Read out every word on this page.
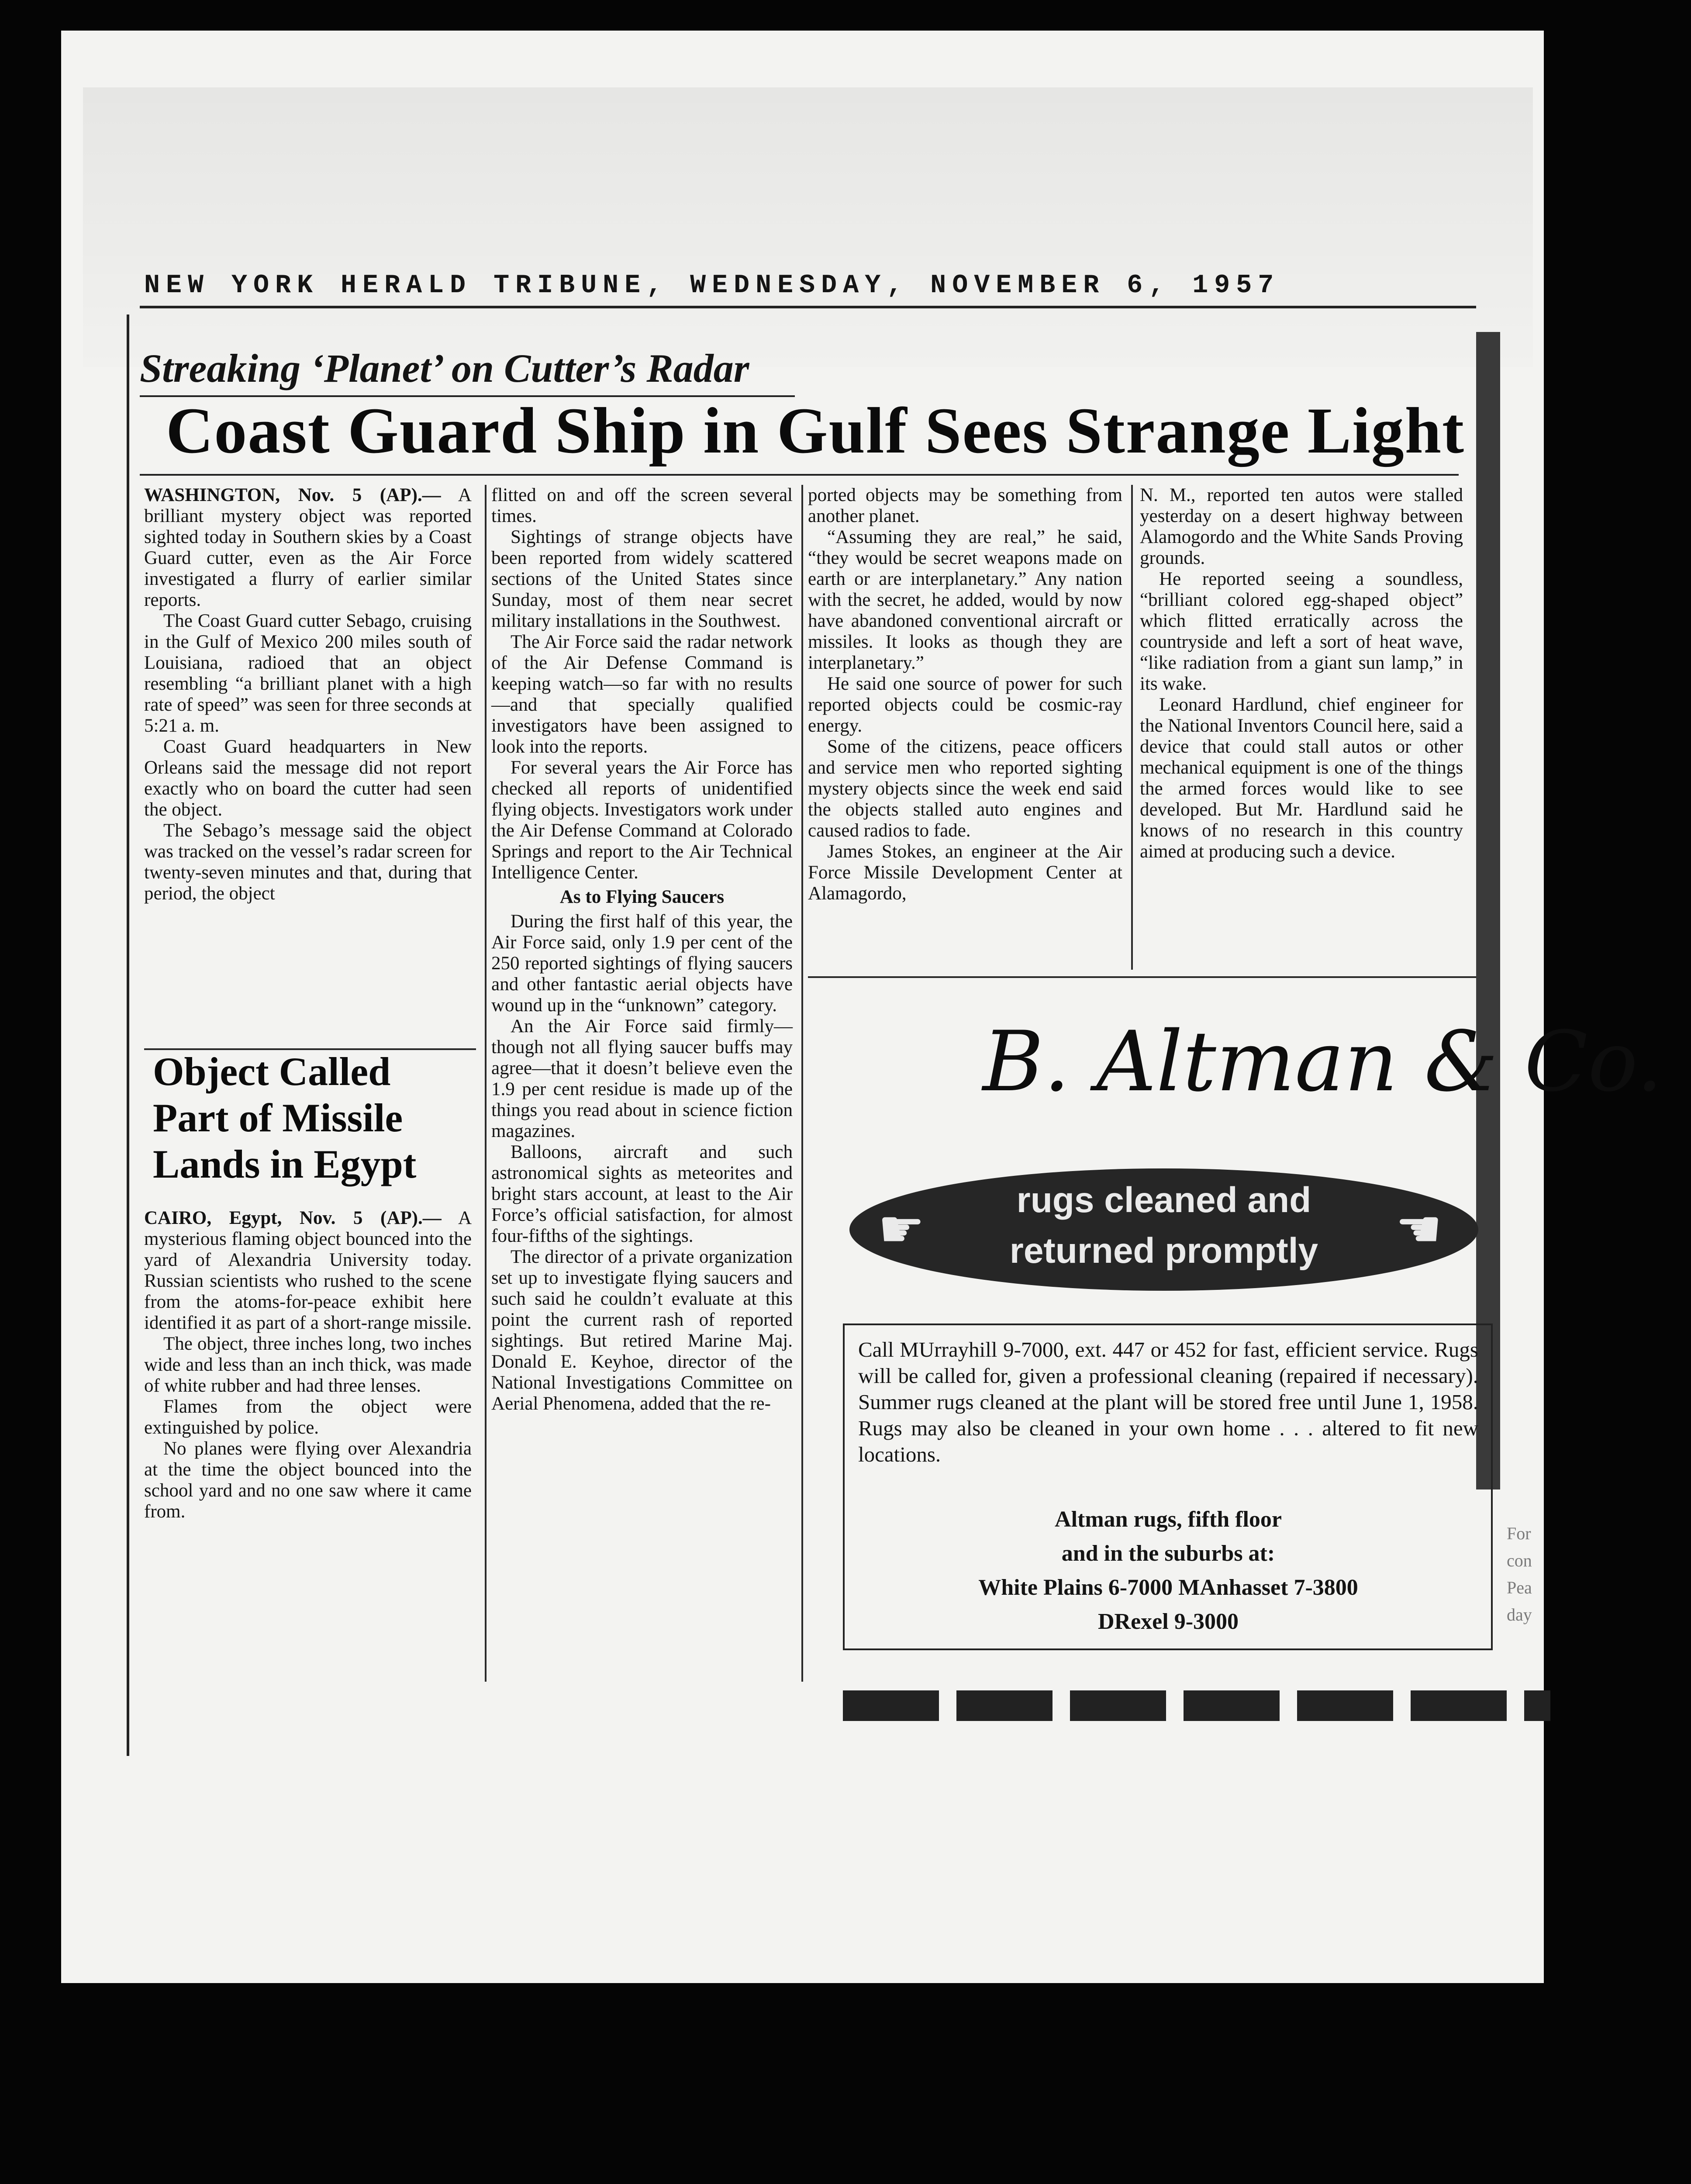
NEW YORK HERALD TRIBUNE, WEDNESDAY, NOVEMBER 6, 1957
Streaking ‘Planet’ on Cutter’s Radar
Coast Guard Ship in Gulf Sees Strange Light

WASHINGTON, Nov. 5 (AP).— A brilliant mystery object was reported sighted today in Southern skies by a Coast Guard cutter, even as the Air Force investigated a flurry of earlier similar reports.

The Coast Guard cutter Sebago, cruising in the Gulf of Mexico 200 miles south of Louisiana, radioed that an object resembling “a brilliant planet with a high rate of speed” was seen for three seconds at 5:21 a. m.

Coast Guard headquarters in New Orleans said the message did not report exactly who on board the cutter had seen the object.

The Sebago’s message said the object was tracked on the vessel’s radar screen for twenty-seven minutes and that, during that period, the object

Object Called
Part of Missile
Lands in Egypt

CAIRO, Egypt, Nov. 5 (AP).— A mysterious flaming object bounced into the yard of Alexandria University today. Russian scientists who rushed to the scene from the atoms-for-peace exhibit here identified it as part of a short-range missile.

The object, three inches long, two inches wide and less than an inch thick, was made of white rubber and had three lenses.

Flames from the object were extinguished by police.

No planes were flying over Alexandria at the time the object bounced into the school yard and no one saw where it came from.

flitted on and off the screen several times.

Sightings of strange objects have been reported from widely scattered sections of the United States since Sunday, most of them near secret military installations in the Southwest.

The Air Force said the radar network of the Air Defense Command is keeping watch—so far with no results—and that specially qualified investigators have been assigned to look into the reports.

For several years the Air Force has checked all reports of unidentified flying objects. Investigators work under the Air Defense Command at Colorado Springs and report to the Air Technical Intelligence Center.

As to Flying Saucers

During the first half of this year, the Air Force said, only 1.9 per cent of the 250 reported sightings of flying saucers and other fantastic aerial objects have wound up in the “unknown” category.

An the Air Force said firmly—though not all flying saucer buffs may agree—that it doesn’t believe even the 1.9 per cent residue is made up of the things you read about in science fiction magazines.

Balloons, aircraft and such astronomical sights as meteorites and bright stars account, at least to the Air Force’s official satisfaction, for almost four-fifths of the sightings.

The director of a private organization set up to investigate flying saucers and such said he couldn’t evaluate at this point the current rash of reported sightings. But retired Marine Maj. Donald E. Keyhoe, director of the National Investigations Committee on Aerial Phenomena, added that the re-

ported objects may be something from another planet.

“Assuming they are real,” he said, “they would be secret weapons made on earth or are interplanetary.” Any nation with the secret, he added, would by now have abandoned conventional aircraft or missiles. It looks as though they are interplanetary.”

He said one source of power for such reported objects could be cosmic-ray energy.

Some of the citizens, peace officers and service men who reported sighting mystery objects since the week end said the objects stalled auto engines and caused radios to fade.

James Stokes, an engineer at the Air Force Missile Development Center at Alamagordo,

N. M., reported ten autos were stalled yesterday on a desert highway between Alamogordo and the White Sands Proving grounds.

He reported seeing a soundless, “brilliant colored egg-shaped object” which flitted erratically across the countryside and left a sort of heat wave, “like radiation from a giant sun lamp,” in its wake.

Leonard Hardlund, chief engineer for the National Inventors Council here, said a device that could stall autos or other mechanical equipment is one of the things the armed forces would like to see developed. But Mr. Hardlund said he knows of no research in this country aimed at producing such a device.

B. Altman & Co.
☛	☛
rugs cleaned and
returned promptly
Call MUrrayhill 9-7000, ext. 447 or 452 for fast, efficient service. Rugs will be called for, given a professional cleaning (repaired if necessary). Summer rugs cleaned at the plant will be stored free until June 1, 1958. Rugs may also be cleaned in your own home . . . altered to fit new locations.
Altman rugs, fifth floor
and in the suburbs at:
White Plains 6-7000 MAnhasset 7-3800
DRexel 9-3000
For
con
Pea
day
